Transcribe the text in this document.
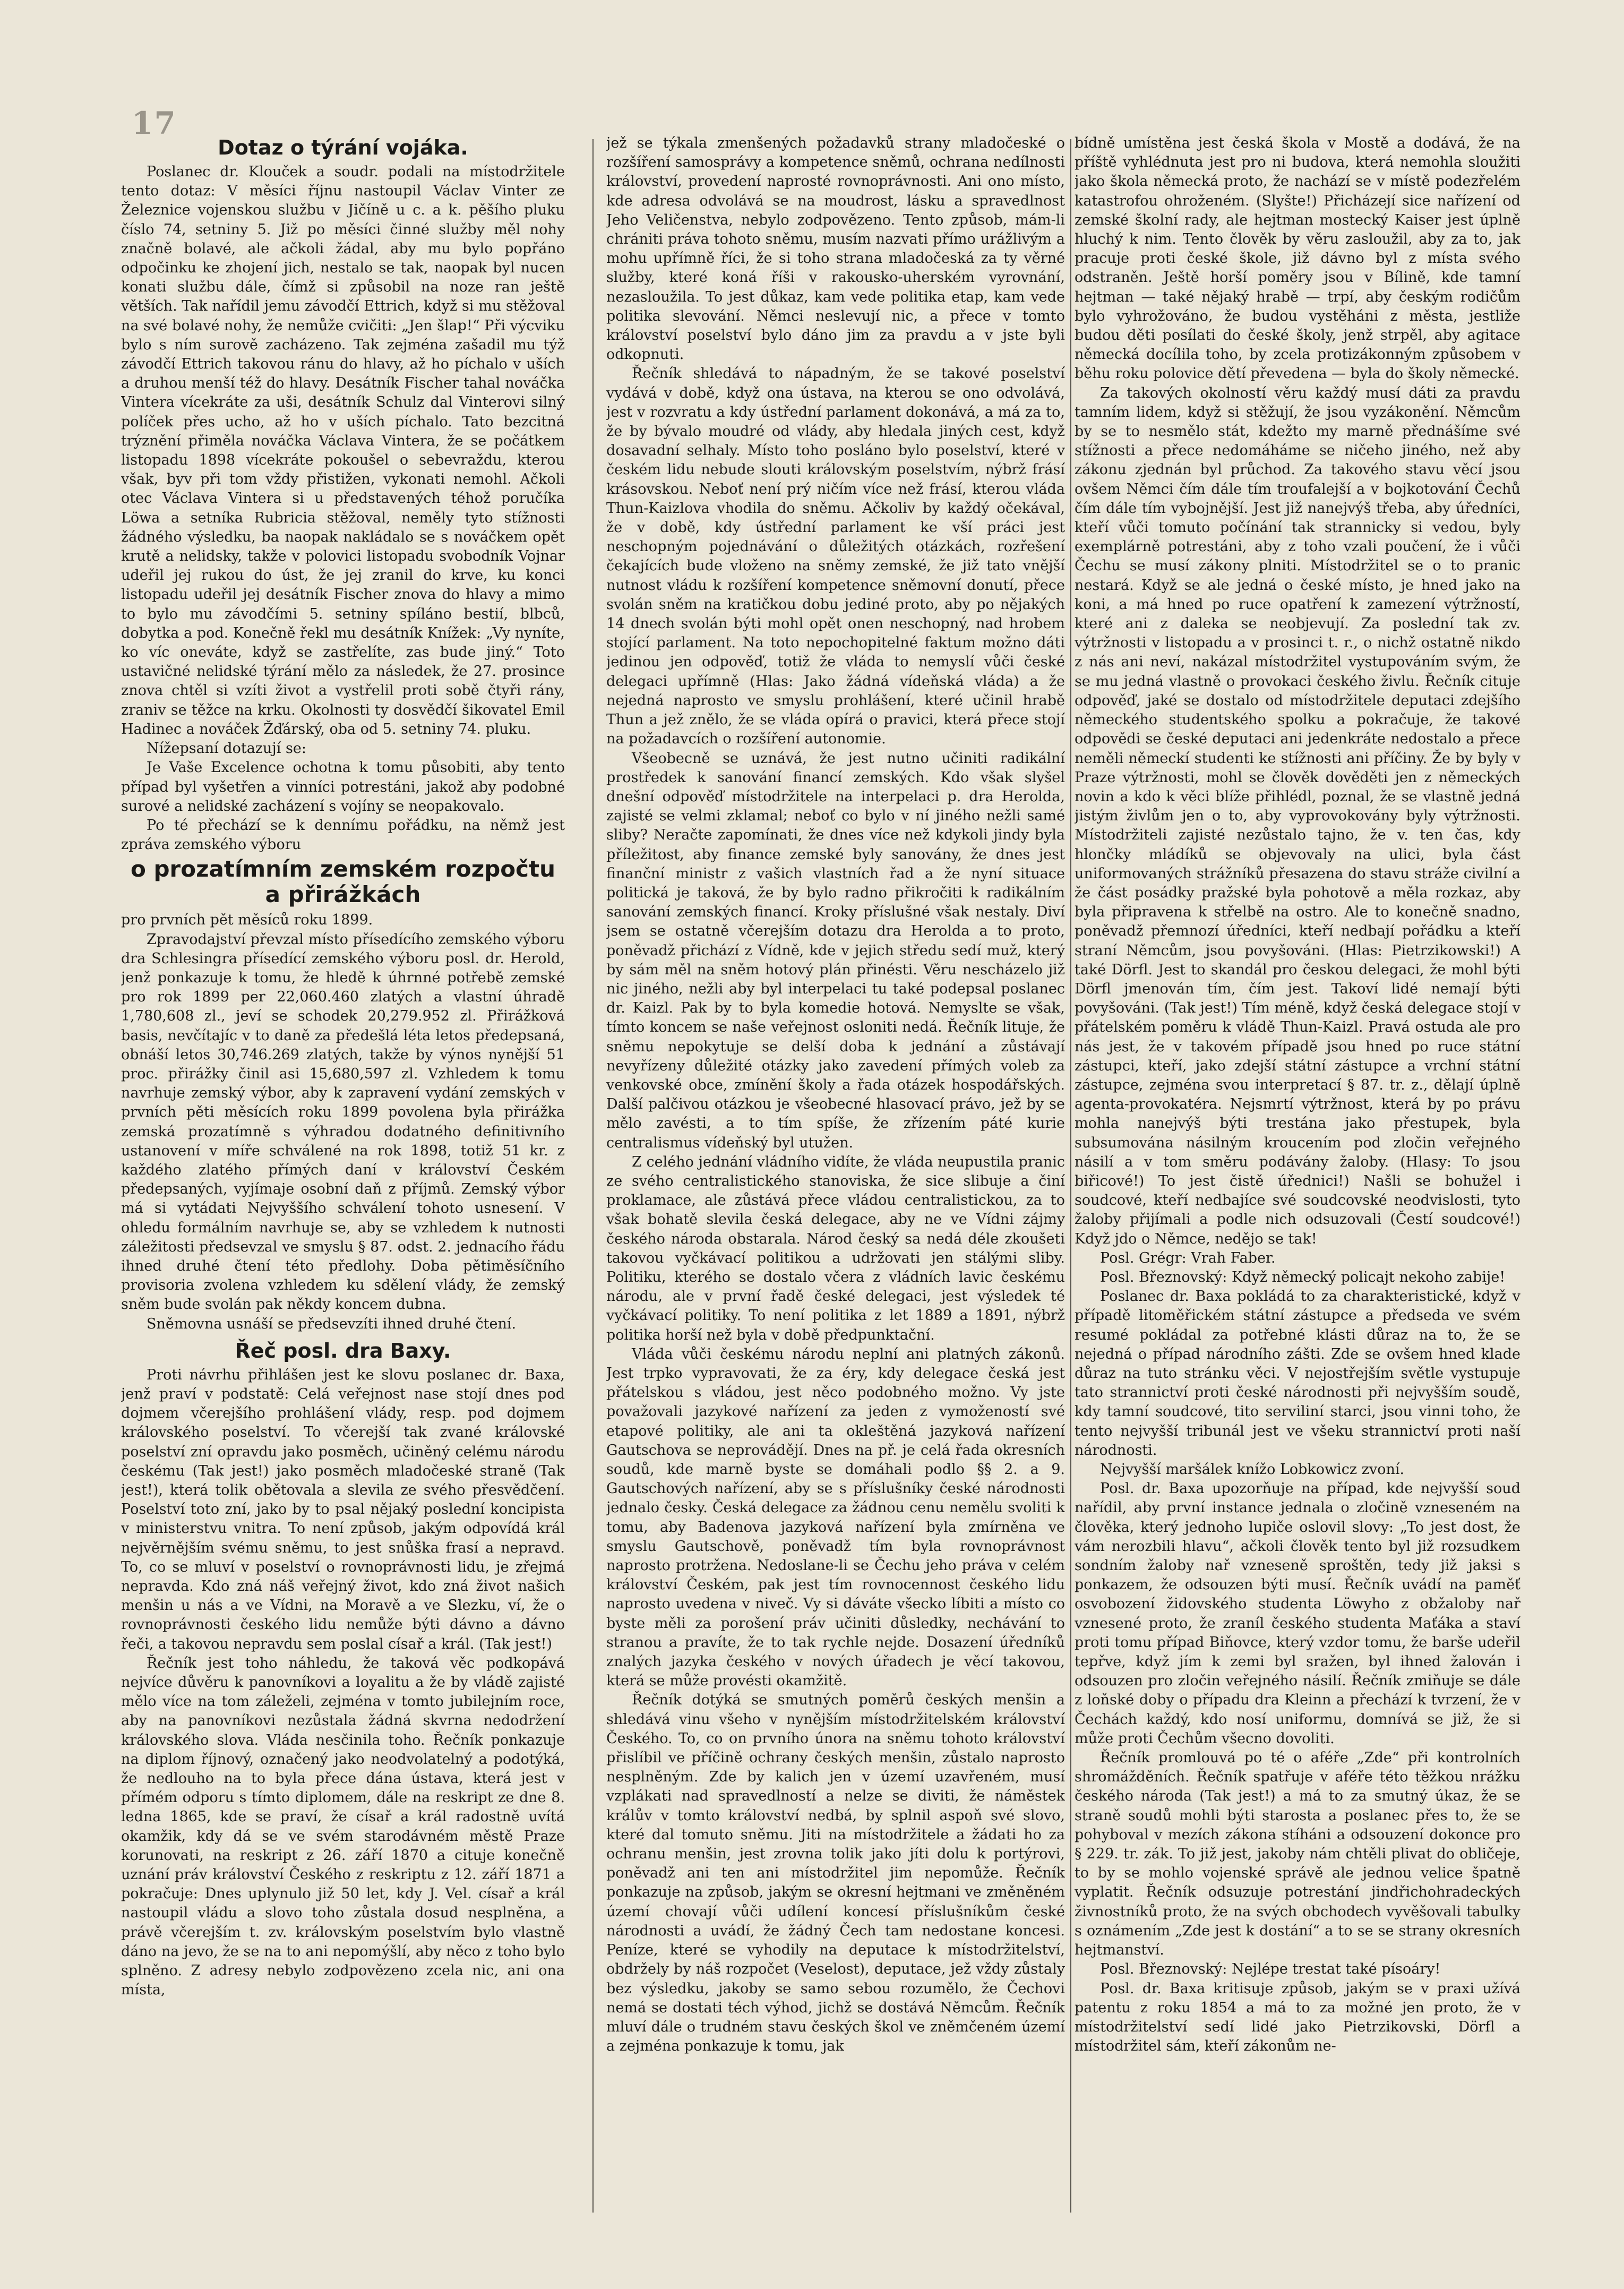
17
Dotaz o týrání vojáka.

Poslanec dr. Klouček a soudr. podali na místodržitele tento dotaz: V měsíci říjnu nastoupil Václav Vinter ze Železnice vojenskou službu v Jičíně u c. a k. pěšího pluku číslo 74, setniny 5. Již po měsíci činné služby měl nohy značně bolavé, ale ačkoli žádal, aby mu bylo popřáno odpočinku ke zhojení jich, nestalo se tak, naopak byl nucen konati službu dále, čímž si způsobil na noze ran ještě větších. Tak nařídil jemu závodčí Ettrich, když si mu stěžoval na své bolavé nohy, že nemůže cvičiti: „Jen šlap!“ Při výcviku bylo s ním surově zacházeno. Tak zejména zašadil mu týž závodčí Ettrich takovou ránu do hlavy, až ho píchalo v uších a druhou menší též do hlavy. Desátník Fischer tahal nováčka Vintera vícekráte za uši, desátník Schulz dal Vinterovi silný políček přes ucho, až ho v uších píchalo. Tato bezcitná trýznění přiměla nováčka Václava Vintera, že se počátkem listopadu 1898 vícekráte pokoušel o sebevraždu, kterou však, byv při tom vždy přistižen, vykonati nemohl. Ačkoli otec Václava Vintera si u představených téhož poručíka Löwa a setníka Rubricia stěžoval, neměly tyto stížnosti žádného výsledku, ba naopak nakládalo se s nováčkem opět krutě a nelidsky, takže v polovici listopadu svobodník Vojnar udeřil jej rukou do úst, že jej zranil do krve, ku konci listopadu udeřil jej desátník Fischer znova do hlavy a mimo to bylo mu závodčími 5. setniny spíláno bestií, blbců, dobytka a pod. Konečně řekl mu desátník Knížek: „Vy nyníte, ko víc oneváte, když se zastřelíte, zas bude jiný.“ Toto ustavičné nelidské týrání mělo za následek, že 27. prosince znova chtěl si vzíti život a vystřelil proti sobě čtyři rány, zraniv se těžce na krku. Okolnosti ty dosvědčí šikovatel Emil Hadinec a nováček Žďárský, oba od 5. setniny 74. pluku.

Nížepsaní dotazují se:

Je Vaše Excelence ochotna k tomu působiti, aby tento případ byl vyšetřen a vinníci potrestáni, jakož aby podobné surové a nelidské zacházení s vojíny se neopakovalo.

Po té přechází se k dennímu pořádku, na němž jest zpráva zemského výboru

o prozatímním zemském rozpočtu a přirážkách

pro prvních pět měsíců roku 1899.

Zpravodajství převzal místo přísedícího zemského výboru dra Schlesingra přísedící zemského výboru posl. dr. Herold, jenž ponkazuje k tomu, že hledě k úhrnné potřebě zemské pro rok 1899 per 22,060.460 zlatých a vlastní úhradě 1,780,608 zl., jeví se schodek 20,279.952 zl. Přirážková basis, nevčítajíc v to daně za předešlá léta letos předepsaná, obnáší letos 30,746.269 zlatých, takže by výnos nynější 51 proc. přirážky činil asi 15,680,597 zl. Vzhledem k tomu navrhuje zemský výbor, aby k zapravení vydání zemských v prvních pěti měsících roku 1899 povolena byla přirážka zemská prozatímně s výhradou dodatného definitivního ustanovení v míře schválené na rok 1898, totiž 51 kr. z každého zlatého přímých daní v království Českém předepsaných, vyjímaje osobní daň z příjmů. Zemský výbor má si vytádati Nejvyššího schválení tohoto usnesení. V ohledu formálním navrhuje se, aby se vzhledem k nutnosti záležitosti předsevzal ve smyslu § 87. odst. 2. jednacího řádu ihned druhé čtení této předlohy. Doba pětiměsíčního provisoria zvolena vzhledem ku sdělení vlády, že zemský sněm bude svolán pak někdy koncem dubna.

Sněmovna usnáší se předsevzíti ihned druhé čtení.

Řeč posl. dra Baxy.

Proti návrhu přihlášen jest ke slovu poslanec dr. Baxa, jenž praví v podstatě: Celá veřejnost nase stojí dnes pod dojmem včerejšího prohlášení vlády, resp. pod dojmem královského poselství. To včerejší tak zvané královské poselství zní opravdu jako posměch, učiněný celému národu českému (Tak jest!) jako posměch mladočeské straně (Tak jest!), která tolik obětovala a slevila ze svého přesvědčení. Poselství toto zní, jako by to psal nějaký poslední koncipista v ministerstvu vnitra. To není způsob, jakým odpovídá král nejvěrnějším svému sněmu, to jest snůška frasí a nepravd. To, co se mluví v poselství o rovnoprávnosti lidu, je zřejmá nepravda. Kdo zná náš veřejný život, kdo zná život našich menšin u nás a ve Vídni, na Moravě a ve Slezku, ví, že o rovnoprávnosti českého lidu nemůže býti dávno a dávno řeči, a takovou nepravdu sem poslal císař a král. (Tak jest!)

Řečník jest toho náhledu, že taková věc podkopává nejvíce důvěru k panovníkovi a loyalitu a že by vládě zajisté mělo více na tom záleželi, zejména v tomto jubilejním roce, aby na panovníkovi nezůstala žádná skvrna nedodržení královského slova. Vláda nesčinila toho. Řečník ponkazuje na diplom říjnový, označený jako neodvolatelný a podotýká, že nedlouho na to byla přece dána ústava, která jest v přímém odporu s tímto diplomem, dále na reskript ze dne 8. ledna 1865, kde se praví, že císař a král radostně uvítá okamžik, kdy dá se ve svém starodávném městě Praze korunovati, na reskript z 26. září 1870 a cituje konečně uznání práv království Českého z reskriptu z 12. září 1871 a pokračuje: Dnes uplynulo již 50 let, kdy J. Vel. císař a král nastoupil vládu a slovo toho zůstala dosud nesplněna, a právě včerejším t. zv. královským poselstvím bylo vlastně dáno na jevo, že se na to ani nepomýšlí, aby něco z toho bylo splněno. Z adresy nebylo zodpovězeno zcela nic, ani ona místa,

jež se týkala zmenšených požadavků strany mladočeské o rozšíření samosprávy a kompetence sněmů, ochrana nedílnosti království, provedení naprosté rovnoprávnosti. Ani ono místo, kde adresa odvolává se na moudrost, lásku a spravedlnost Jeho Veličenstva, nebylo zodpovězeno. Tento způsob, mám-li chrániti práva tohoto sněmu, musím nazvati přímo urážlivým a mohu upřímně říci, že si toho strana mladočeská za ty věrné služby, které koná říši v rakousko-uherském vyrovnání, nezasloužila. To jest důkaz, kam vede politika etap, kam vede politika slevování. Němci neslevují nic, a přece v tomto království poselství bylo dáno jim za pravdu a v jste byli odkopnuti.

Řečník shledává to nápadným, že se takové poselství vydává v době, když ona ústava, na kterou se ono odvolává, jest v rozvratu a kdy ústřední parlament dokonává, a má za to, že by bývalo moudré od vlády, aby hledala jiných cest, když dosavadní selhaly. Místo toho posláno bylo poselství, které v českém lidu nebude slouti královským poselstvím, nýbrž frásí krásovskou. Neboť není prý ničím více než frásí, kterou vláda Thun-Kaizlova vhodila do sněmu. Ačkoliv by každý očekával, že v době, kdy ústřední parlament ke vší práci jest neschopným pojednávání o důležitých otázkách, rozřešení čekajících bude vloženo na sněmy zemské, že již tato vnější nutnost vládu k rozšíření kompetence sněmovní donutí, přece svolán sněm na kratičkou dobu jediné proto, aby po nějakých 14 dnech svolán býti mohl opět onen neschopný, nad hrobem stojící parlament. Na toto nepochopitelné faktum možno dáti jedinou jen odpověď, totiž že vláda to nemyslí vůči české delegaci upřímně (Hlas: Jako žádná vídeňská vláda) a že nejedná naprosto ve smyslu prohlášení, které učinil hrabě Thun a jež znělo, že se vláda opírá o pravici, která přece stojí na požadavcích o rozšíření autonomie.

Všeobecně se uznává, že jest nutno učiniti radikální prostředek k sanování financí zemských. Kdo však slyšel dnešní odpověď místodržitele na interpelaci p. dra Herolda, zajisté se velmi zklamal; neboť co bylo v ní jiného nežli samé sliby? Neračte zapomínati, že dnes více než kdykoli jindy byla příležitost, aby finance zemské byly sanovány, že dnes jest finanční ministr z vašich vlastních řad a že nyní situace politická je taková, že by bylo radno přikročiti k radikálním sanování zemských financí. Kroky příslušné však nestaly. Diví jsem se ostatně včerejším dotazu dra Herolda a to proto, poněvadž přichází z Vídně, kde v jejich středu sedí muž, který by sám měl na sněm hotový plán přinésti. Věru nescházelo již nic jiného, nežli aby byl interpelaci tu také podepsal poslanec dr. Kaizl. Pak by to byla komedie hotová. Nemyslte se však, tímto koncem se naše veřejnost osloniti nedá. Řečník lituje, že sněmu nepokytuje se delší doba k jednání a zůstávají nevyřízeny důležité otázky jako zavedení přímých voleb za venkovské obce, zmínění školy a řada otázek hospodářských. Další palčivou otázkou je všeobecné hlasovací právo, jež by se mělo zavésti, a to tím spíše, že zřízením páté kurie centralismus vídeňský byl utužen.

Z celého jednání vládního vidíte, že vláda neupustila pranic ze svého centralistického stanoviska, že sice slibuje a činí proklamace, ale zůstává přece vládou centralistickou, za to však bohatě slevila česká delegace, aby ne ve Vídni zájmy českého národa obstarala. Národ český sa nedá déle zkoušeti takovou vyčkávací politikou a udržovati jen stálými sliby. Politiku, kterého se dostalo včera z vládních lavic českému národu, ale v první řadě české delegaci, jest výsledek té vyčkávací politiky. To není politika z let 1889 a 1891, nýbrž politika horší než byla v době předpunktační.

Vláda vůči českému národu neplní ani platných zákonů. Jest trpko vypravovati, že za éry, kdy delegace česká jest přátelskou s vládou, jest něco podobného možno. Vy jste považovali jazykové nařízení za jeden z vymožeností své etapové politiky, ale ani ta okleštěná jazyková nařízení Gautschova se neprovádějí. Dnes na př. je celá řada okresních soudů, kde marně byste se domáhali podlo §§ 2. a 9. Gautschových nařízení, aby se s příslušníky české národnosti jednalo česky. Česká delegace za žádnou cenu nemělu svoliti k tomu, aby Badenova jazyková nařízení byla zmírněna ve smyslu Gautschově, poněvadž tím byla rovnoprávnost naprosto protržena. Nedoslane-li se Čechu jeho práva v celém království Českém, pak jest tím rovnocennost českého lidu naprosto uvedena v niveč. Vy si dáváte všecko líbiti a místo co byste měli za porošení práv učiniti důsledky, nechávání to stranou a pravíte, že to tak rychle nejde. Dosazení úředníků znalých jazyka českého v nových úřadech je věcí takovou, která se může provésti okamžitě.

Řečník dotýká se smutných poměrů českých menšin a shledává vinu všeho v nynějším místodržitelském království Českého. To, co on prvního února na sněmu tohoto království přislíbil ve příčině ochrany českých menšin, zůstalo naprosto nesplněným. Zde by kalich jen v území uzavřeném, musí vzplákati nad spravedlností a nelze se diviti, že náměstek králův v tomto království nedbá, by splnil aspoň své slovo, které dal tomuto sněmu. Jiti na místodržitele a žádati ho za ochranu menšin, jest zrovna tolik jako jíti dolu k portýrovi, poněvadž ani ten ani místodržitel jim nepomůže. Řečník ponkazuje na způsob, jakým se okresní hejtmani ve změněném území chovají vůči udílení koncesí příslušníkům české národnosti a uvádí, že žádný Čech tam nedostane koncesi. Peníze, které se vyhodily na deputace k místodržitelství, obdržely by náš rozpočet (Veselost), deputace, jež vždy zůstaly bez výsledku, jakoby se samo sebou rozumělo, že Čechovi nemá se dostati téch výhod, jichž se dostává Němcům. Řečník mluví dále o trudném stavu českých škol ve zněmčeném území a zejména ponkazuje k tomu, jak

bídně umístěna jest česká škola v Mostě a dodává, že na příště vyhlédnuta jest pro ni budova, která nemohla sloužiti jako škola německá proto, že nachází se v místě podezřelém katastrofou ohroženém. (Slyšte!) Přicházejí sice nařízení od zemské školní rady, ale hejtman mostecký Kaiser jest úplně hluchý k nim. Tento člověk by věru zasloužil, aby za to, jak pracuje proti české škole, již dávno byl z místa svého odstraněn. Ještě horší poměry jsou v Bílině, kde tamní hejtman — také nějaký hrabě — trpí, aby českým rodičům bylo vyhrožováno, že budou vystěháni z města, jestliže budou děti posílati do české školy, jenž strpěl, aby agitace německá docílila toho, by zcela protizákonným způsobem v běhu roku polovice dětí převedena — byla do školy německé.

Za takových okolností věru každý musí dáti za pravdu tamním lidem, když si stěžují, že jsou vyzákonění. Němcům by se to nesmělo stát, kdežto my marně přednášíme své stížnosti a přece nedomáháme se ničeho jiného, než aby zákonu zjednán byl průchod. Za takového stavu věcí jsou ovšem Němci čím dále tím troufalejší a v bojkotování Čechů čím dále tím vybojnější. Jest již nanejvýš třeba, aby úředníci, kteří vůči tomuto počínání tak strannicky si vedou, byly exemplárně potrestáni, aby z toho vzali poučení, že i vůči Čechu se musí zákony plniti. Místodržitel se o to pranic nestará. Když se ale jedná o české místo, je hned jako na koni, a má hned po ruce opatření k zamezení výtržností, které ani z daleka se neobjevují. Za poslední tak zv. výtržnosti v listopadu a v prosinci t. r., o nichž ostatně nikdo z nás ani neví, nakázal místodržitel vystupováním svým, že se mu jedná vlastně o provokaci českého živlu. Řečník cituje odpověď, jaké se dostalo od místodržitele deputaci zdejšího německého studentského spolku a pokračuje, že takové odpovědi se české deputaci ani jedenkráte nedostalo a přece neměli německí studenti ke stížnosti ani příčiny. Že by byly v Praze výtržnosti, mohl se člověk dověděti jen z německých novin a kdo k věci blíže přihlédl, poznal, že se vlastně jedná jistým živlům jen o to, aby vyprovokovány byly výtržnosti. Místodržiteli zajisté nezůstalo tajno, že v. ten čas, kdy hlončky mládíků se objevovaly na ulici, byla část uniformovaných strážníků přesazena do stavu stráže civilní a že část posádky pražské byla pohotově a měla rozkaz, aby byla připravena k střelbě na ostro. Ale to konečně snadno, poněvadž přemnozí úředníci, kteří nedbají pořádku a kteří straní Němcům, jsou povyšováni. (Hlas: Pietrzikowski!) A také Dörfl. Jest to skandál pro českou delegaci, že mohl býti Dörfl jmenován tím, čím jest. Takoví lidé nemají býti povyšováni. (Tak jest!) Tím méně, když česká delegace stojí v přátelském poměru k vládě Thun-Kaizl. Pravá ostuda ale pro nás jest, že v takovém případě jsou hned po ruce státní zástupci, kteří, jako zdejší státní zástupce a vrchní státní zástupce, zejména svou interpretací § 87. tr. z., dělají úplně agenta-provokatéra. Nejsmrtí výtržnost, která by po právu mohla nanejvýš býti trestána jako přestupek, byla subsumována násilným kroucením pod zločin veřejného násilí a v tom směru podávány žaloby. (Hlasy: To jsou biřicové!) To jest čistě úřednici!) Našli se bohužel i soudcové, kteří nedbajíce své soudcovské neodvislosti, tyto žaloby přijímali a podle nich odsuzovali (Čestí soudcové!) Když jdo o Němce, nedějo se tak!

Posl. Grégr: Vrah Faber.

Posl. Březnovský: Když německý policajt nekoho zabije!

Poslanec dr. Baxa pokládá to za charakteristické, když v případě litoměřickém státní zástupce a předseda ve svém resumé pokládal za potřebné klásti důraz na to, že se nejedná o případ národního zášti. Zde se ovšem hned klade důraz na tuto stránku věci. V nejostřejším světle vystupuje tato strannictví proti české národnosti při nejvyšším soudě, kdy tamní soudcové, tito serviliní starci, jsou vinni toho, že tento nejvyšší tribunál jest ve všeku strannictví proti naší národnosti.

Nejvyšší maršálek knížo Lobkowicz zvoní.

Posl. dr. Baxa upozorňuje na případ, kde nejvyšší soud nařídil, aby první instance jednala o zločině vzneseném na člověka, který jednoho lupiče oslovil slovy: „To jest dost, že vám nerozbili hlavu“, ačkoli člověk tento byl již rozsudkem sondním žaloby nař vzneseně sproštěn, tedy již jaksi s ponkazem, že odsouzen býti musí. Řečník uvádí na paměť osvobození židovského studenta Löwyho z obžaloby nař vznesené proto, že zraníl českého studenta Maťáka a staví proti tomu případ Biňovce, který vzdor tomu, že barše udeřil tepřve, když jím k zemi byl sražen, byl ihned žalován i odsouzen pro zločin veřejného násilí. Řečník zmiňuje se dále z loňské doby o případu dra Kleinn a přechází k tvrzení, že v Čechách každý, kdo nosí uniformu, domnívá se již, že si může proti Čechům všecno dovoliti.

Řečník promlouvá po té o aféře „Zde“ při kontrolních shromážděních. Řečník spatřuje v aféře této těžkou nrážku českého národa (Tak jest!) a má to za smutný úkaz, že se straně soudů mohli býti starosta a poslanec přes to, že se pohyboval v mezích zákona stíháni a odsouzení dokonce pro § 229. tr. zák. To již jest, jakoby nám chtěli plivat do obličeje, to by se mohlo vojenské správě ale jednou velice špatně vyplatit. Řečník odsuzuje potrestání jindřichohradeckých živnostníků proto, že na svých obchodech vyvěšovali tabulky s oznámením „Zde jest k dostání“ a to se se strany okresních hejtmanství.

Posl. Březnovský: Nejlépe trestat také písoáry!

Posl. dr. Baxa kritisuje způsob, jakým se v praxi užívá patentu z roku 1854 a má to za možné jen proto, že v místodržitelství sedí lidé jako Pietrzikovski, Dörfl a místodržitel sám, kteří zákonům ne-
